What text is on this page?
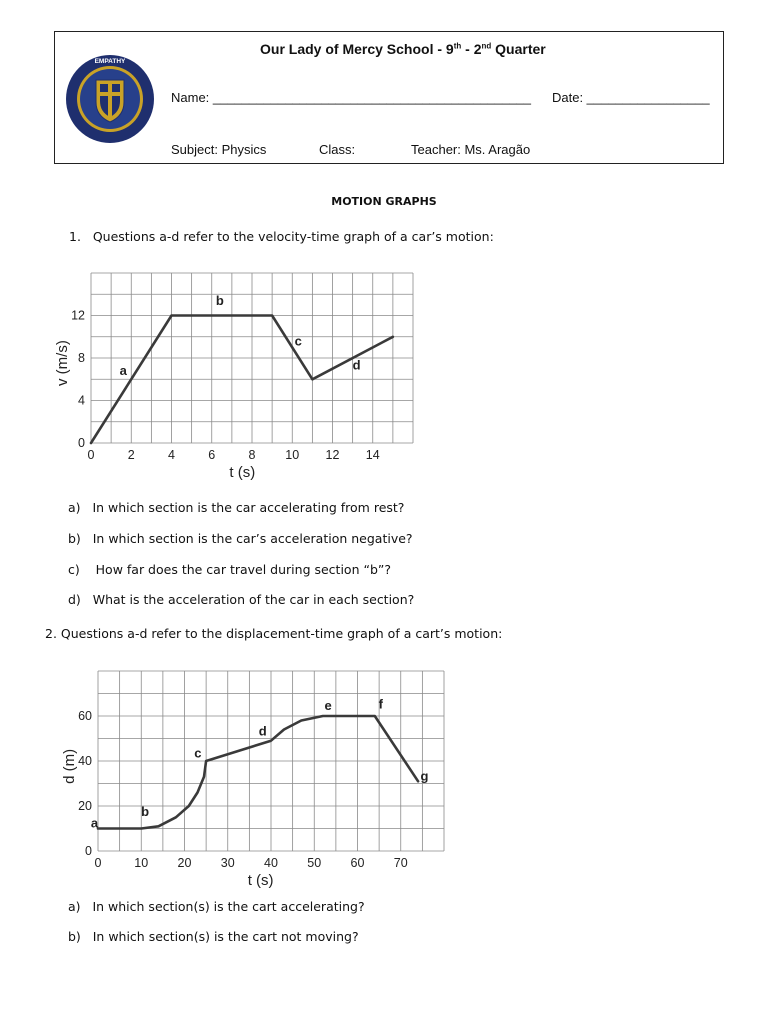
EMPATHY
Our Lady of Mercy School - 9th - 2nd Quarter
Name: ____________________________________________ Date: _________________
Subject: Physics	Class:	Teacher: Ms. Aragão
MOTION GRAPHS
1.   Questions a-d refer to the velocity-time graph of a car’s motion:
0	2	4	6	8 10 12 14
0
4
8
12
t (s)
v (m/s)	a
b
c
d
a)   In which section is the car accelerating from rest?
b)   In which section is the car’s acceleration negative?
c)    How far does the car travel during section “b”?
d)   What is the acceleration of the car in each section?
2. Questions a-d refer to the displacement-time graph of a cart’s motion:
0	10 20 30 40 50 60 70
0
20
40
60
t (s)
d (m)
a
b
c
d
e	f
g
a)   In which section(s) is the cart accelerating?
b)   In which section(s) is the cart not moving?
